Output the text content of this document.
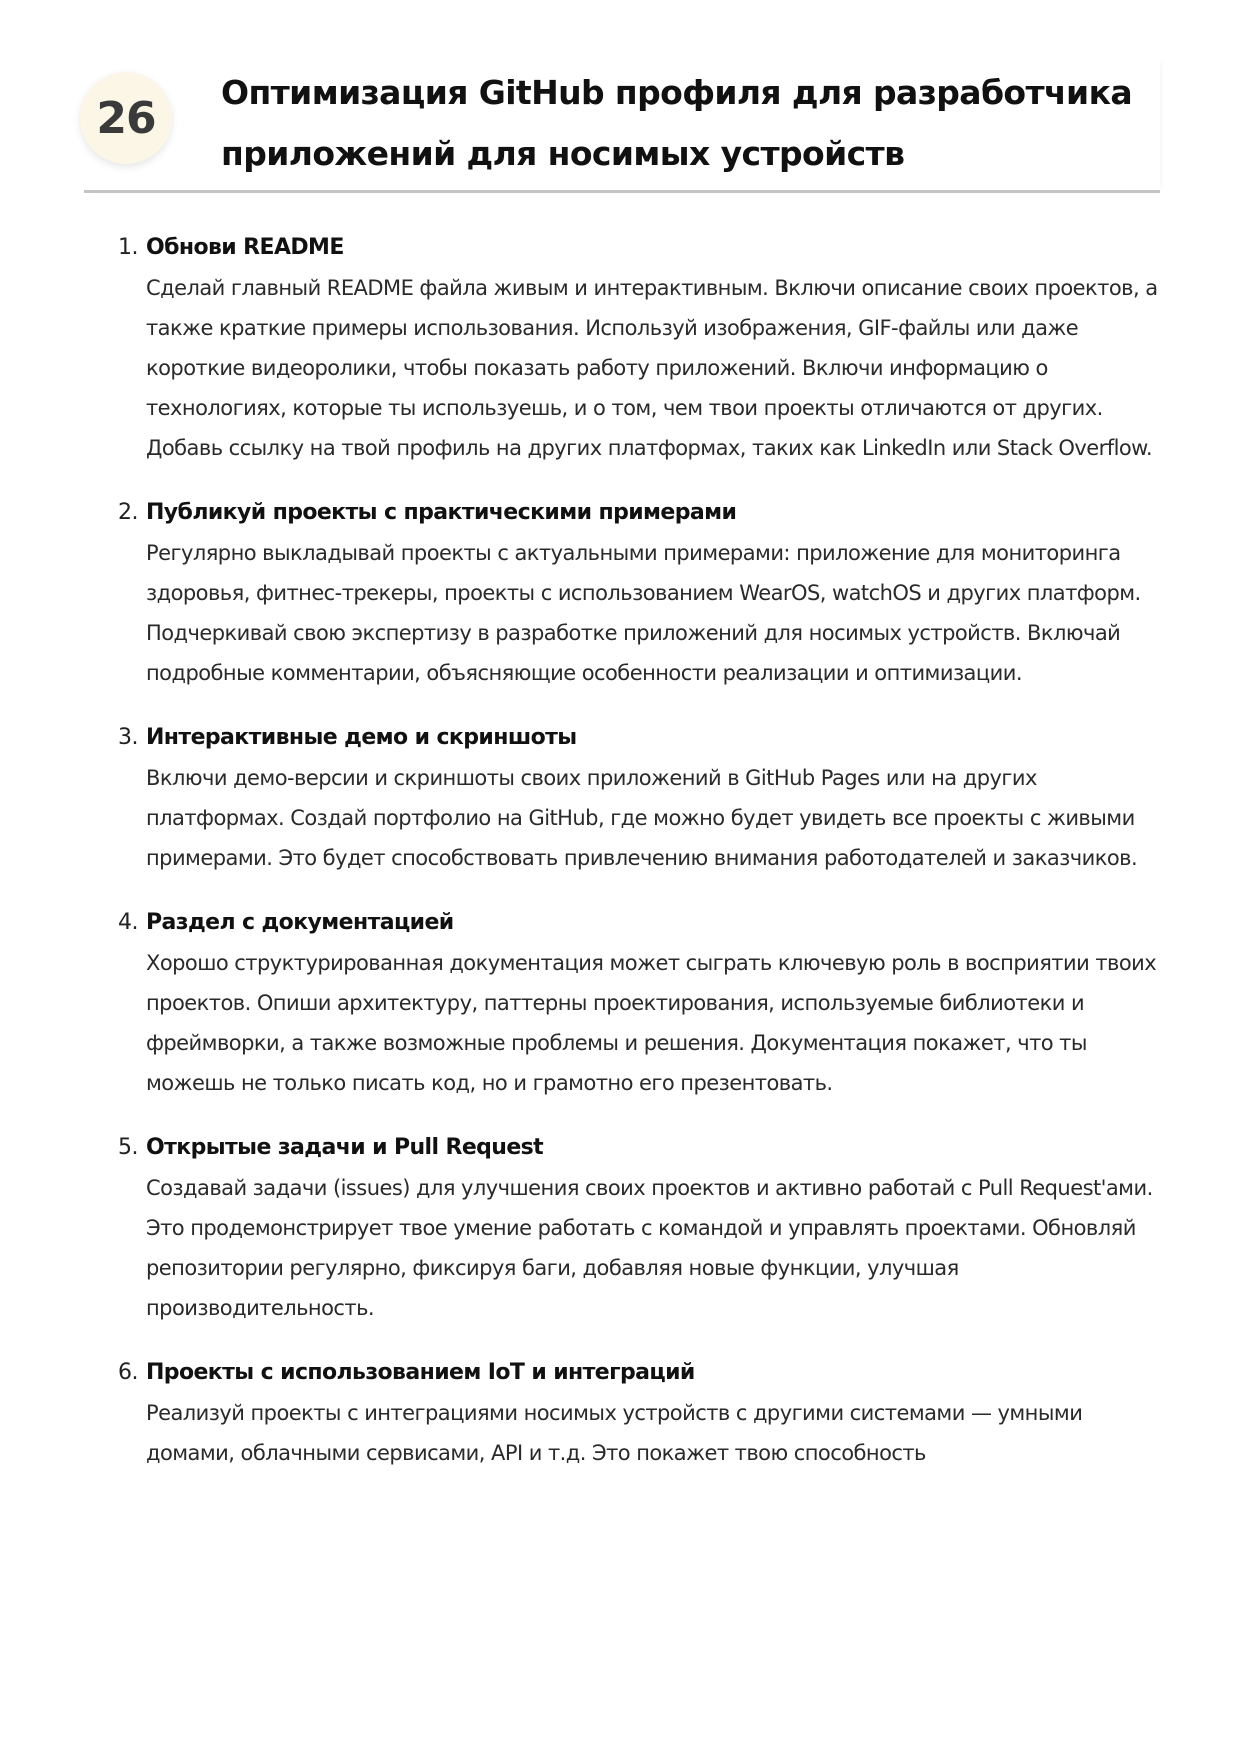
26	Оптимизация GitHub профиля для разработчика приложений для носимых устройств
1. Обнови README
Сделай главный README файла живым и интерактивным. Включи описание своих проектов, а также краткие примеры использования. Используй изображения, GIF-файлы или даже короткие видеоролики, чтобы показать работу приложений. Включи информацию о технологиях, которые ты используешь, и о том, чем твои проекты отличаются от других. Добавь ссылку на твой профиль на других платформах, таких как LinkedIn или Stack Overflow.
2. Публикуй проекты с практическими примерами
Регулярно выкладывай проекты с актуальными примерами: приложение для мониторинга здоровья, фитнес-трекеры, проекты с использованием WearOS, watchOS и других платформ. Подчеркивай свою экспертизу в разработке приложений для носимых устройств. Включай подробные комментарии, объясняющие особенности реализации и оптимизации.
3. Интерактивные демо и скриншоты
Включи демо-версии и скриншоты своих приложений в GitHub Pages или на других платформах. Создай портфолио на GitHub, где можно будет увидеть все проекты с живыми примерами. Это будет способствовать привлечению внимания работодателей и заказчиков.
4. Раздел с документацией
Хорошо структурированная документация может сыграть ключевую роль в восприятии твоих проектов. Опиши архитектуру, паттерны проектирования, используемые библиотеки и фреймворки, а также возможные проблемы и решения. Документация покажет, что ты можешь не только писать код, но и грамотно его презентовать.
5. Открытые задачи и Pull Request
Создавай задачи (issues) для улучшения своих проектов и активно работай с Pull Request'ами. Это продемонстрирует твое умение работать с командой и управлять проектами. Обновляй репозитории регулярно, фиксируя баги, добавляя новые функции, улучшая производительность.
6. Проекты с использованием IoT и интеграций
Реализуй проекты с интеграциями носимых устройств с другими системами — умными домами, облачными сервисами, API и т.д. Это покажет твою способность
